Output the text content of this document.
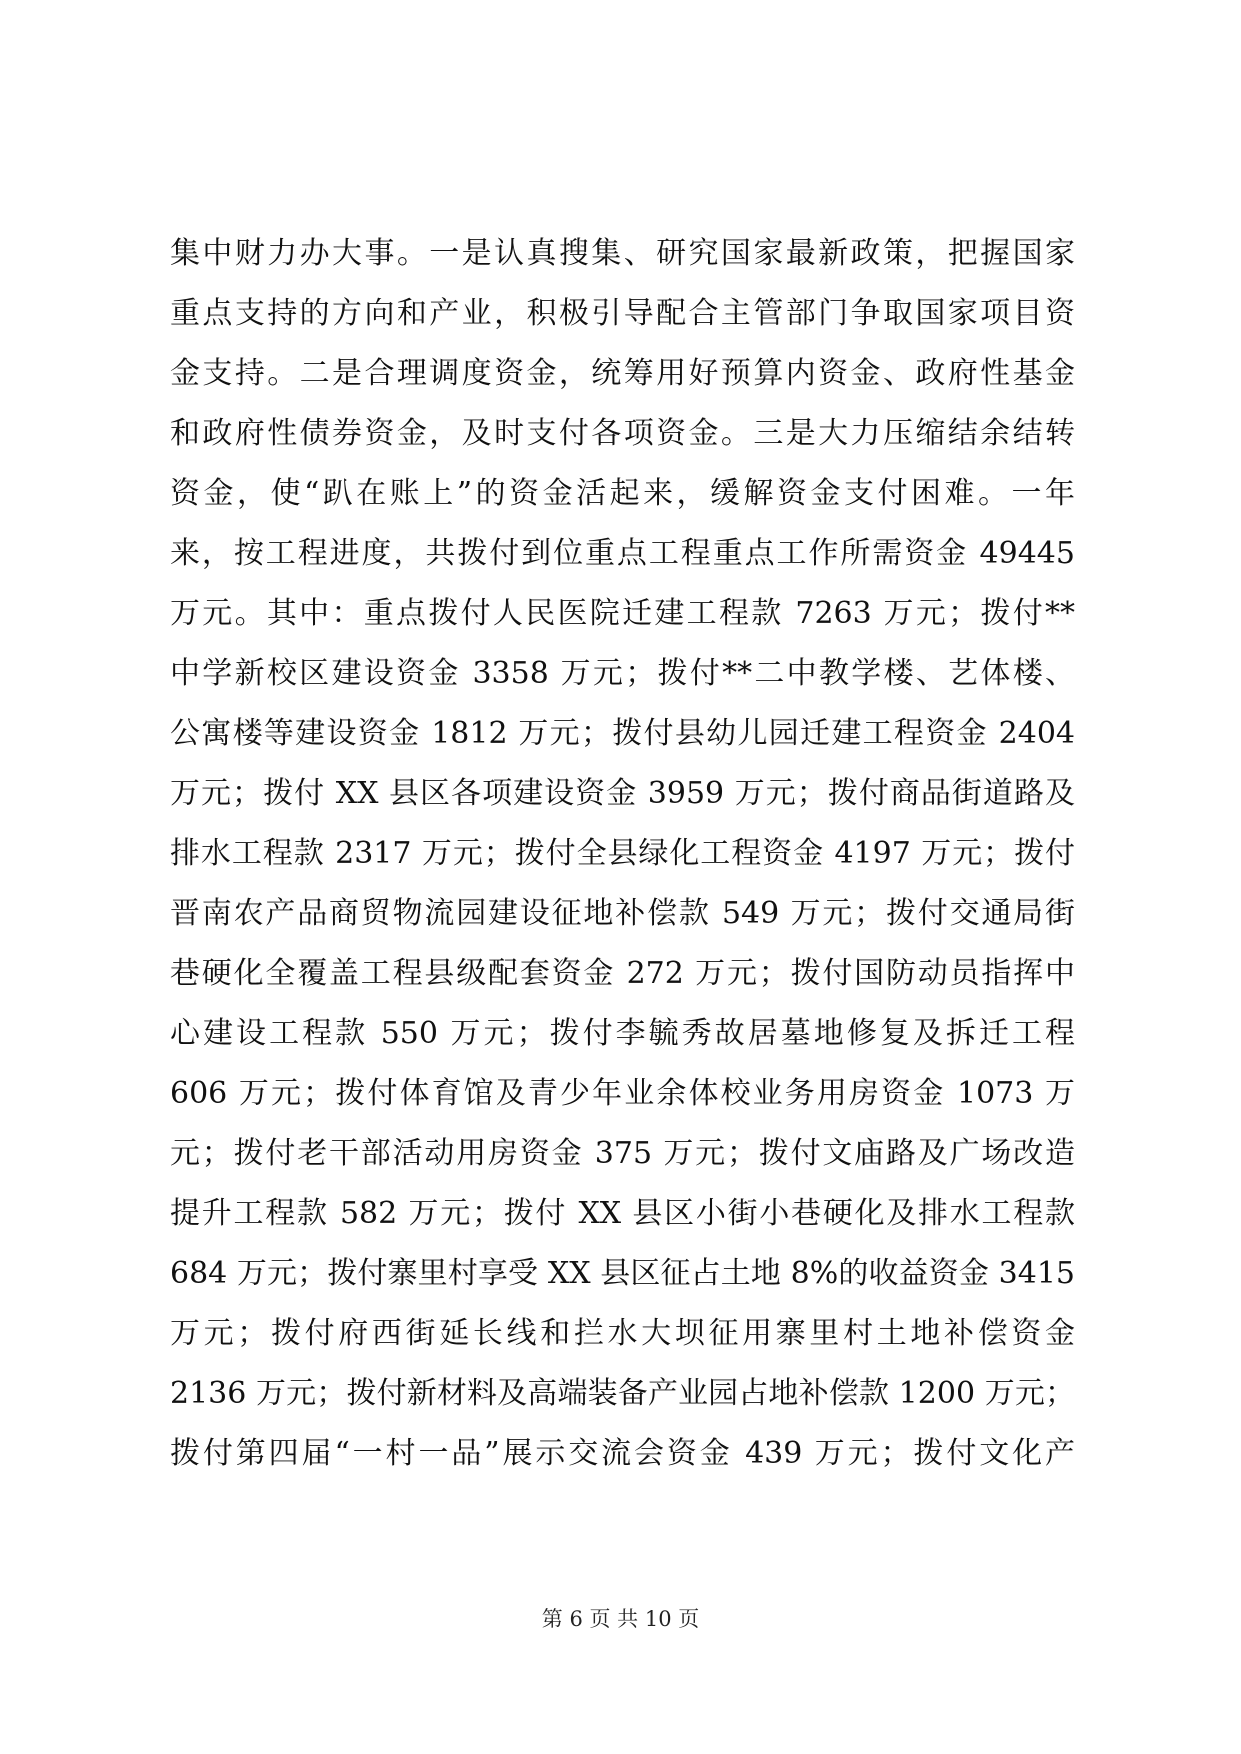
集中财力办大事。一是认真搜集、研究国家最新政策，把握国家
重点支持的方向和产业，积极引导配合主管部门争取国家项目资
金支持。二是合理调度资金，统筹用好预算内资金、政府性基金
和政府性债券资金，及时支付各项资金。三是大力压缩结余结转
资金，使“趴在账上”的资金活起来，缓解资金支付困难。一年
来，按工程进度，共拨付到位重点工程重点工作所需资金 49445
万元。其中：重点拨付人民医院迁建工程款 7263 万元；拨付**
中学新校区建设资金 3358 万元；拨付**二中教学楼、艺体楼、
公寓楼等建设资金 1812 万元；拨付县幼儿园迁建工程资金 2404
万元；拨付 XX 县区各项建设资金 3959 万元；拨付商品街道路及
排水工程款 2317 万元；拨付全县绿化工程资金 4197 万元；拨付
晋南农产品商贸物流园建设征地补偿款 549 万元；拨付交通局街
巷硬化全覆盖工程县级配套资金 272 万元；拨付国防动员指挥中
心建设工程款 550 万元；拨付李毓秀故居墓地修复及拆迁工程
606 万元；拨付体育馆及青少年业余体校业务用房资金 1073 万
元；拨付老干部活动用房资金 375 万元；拨付文庙路及广场改造
提升工程款 582 万元；拨付 XX 县区小街小巷硬化及排水工程款
684 万元；拨付寨里村享受 XX 县区征占土地 8%的收益资金 3415
万元；拨付府西街延长线和拦水大坝征用寨里村土地补偿资金
2136 万元；拨付新材料及高端装备产业园占地补偿款 1200 万元；
拨付第四届“一村一品”展示交流会资金 439 万元；拨付文化产
第 6 页 共 10 页
